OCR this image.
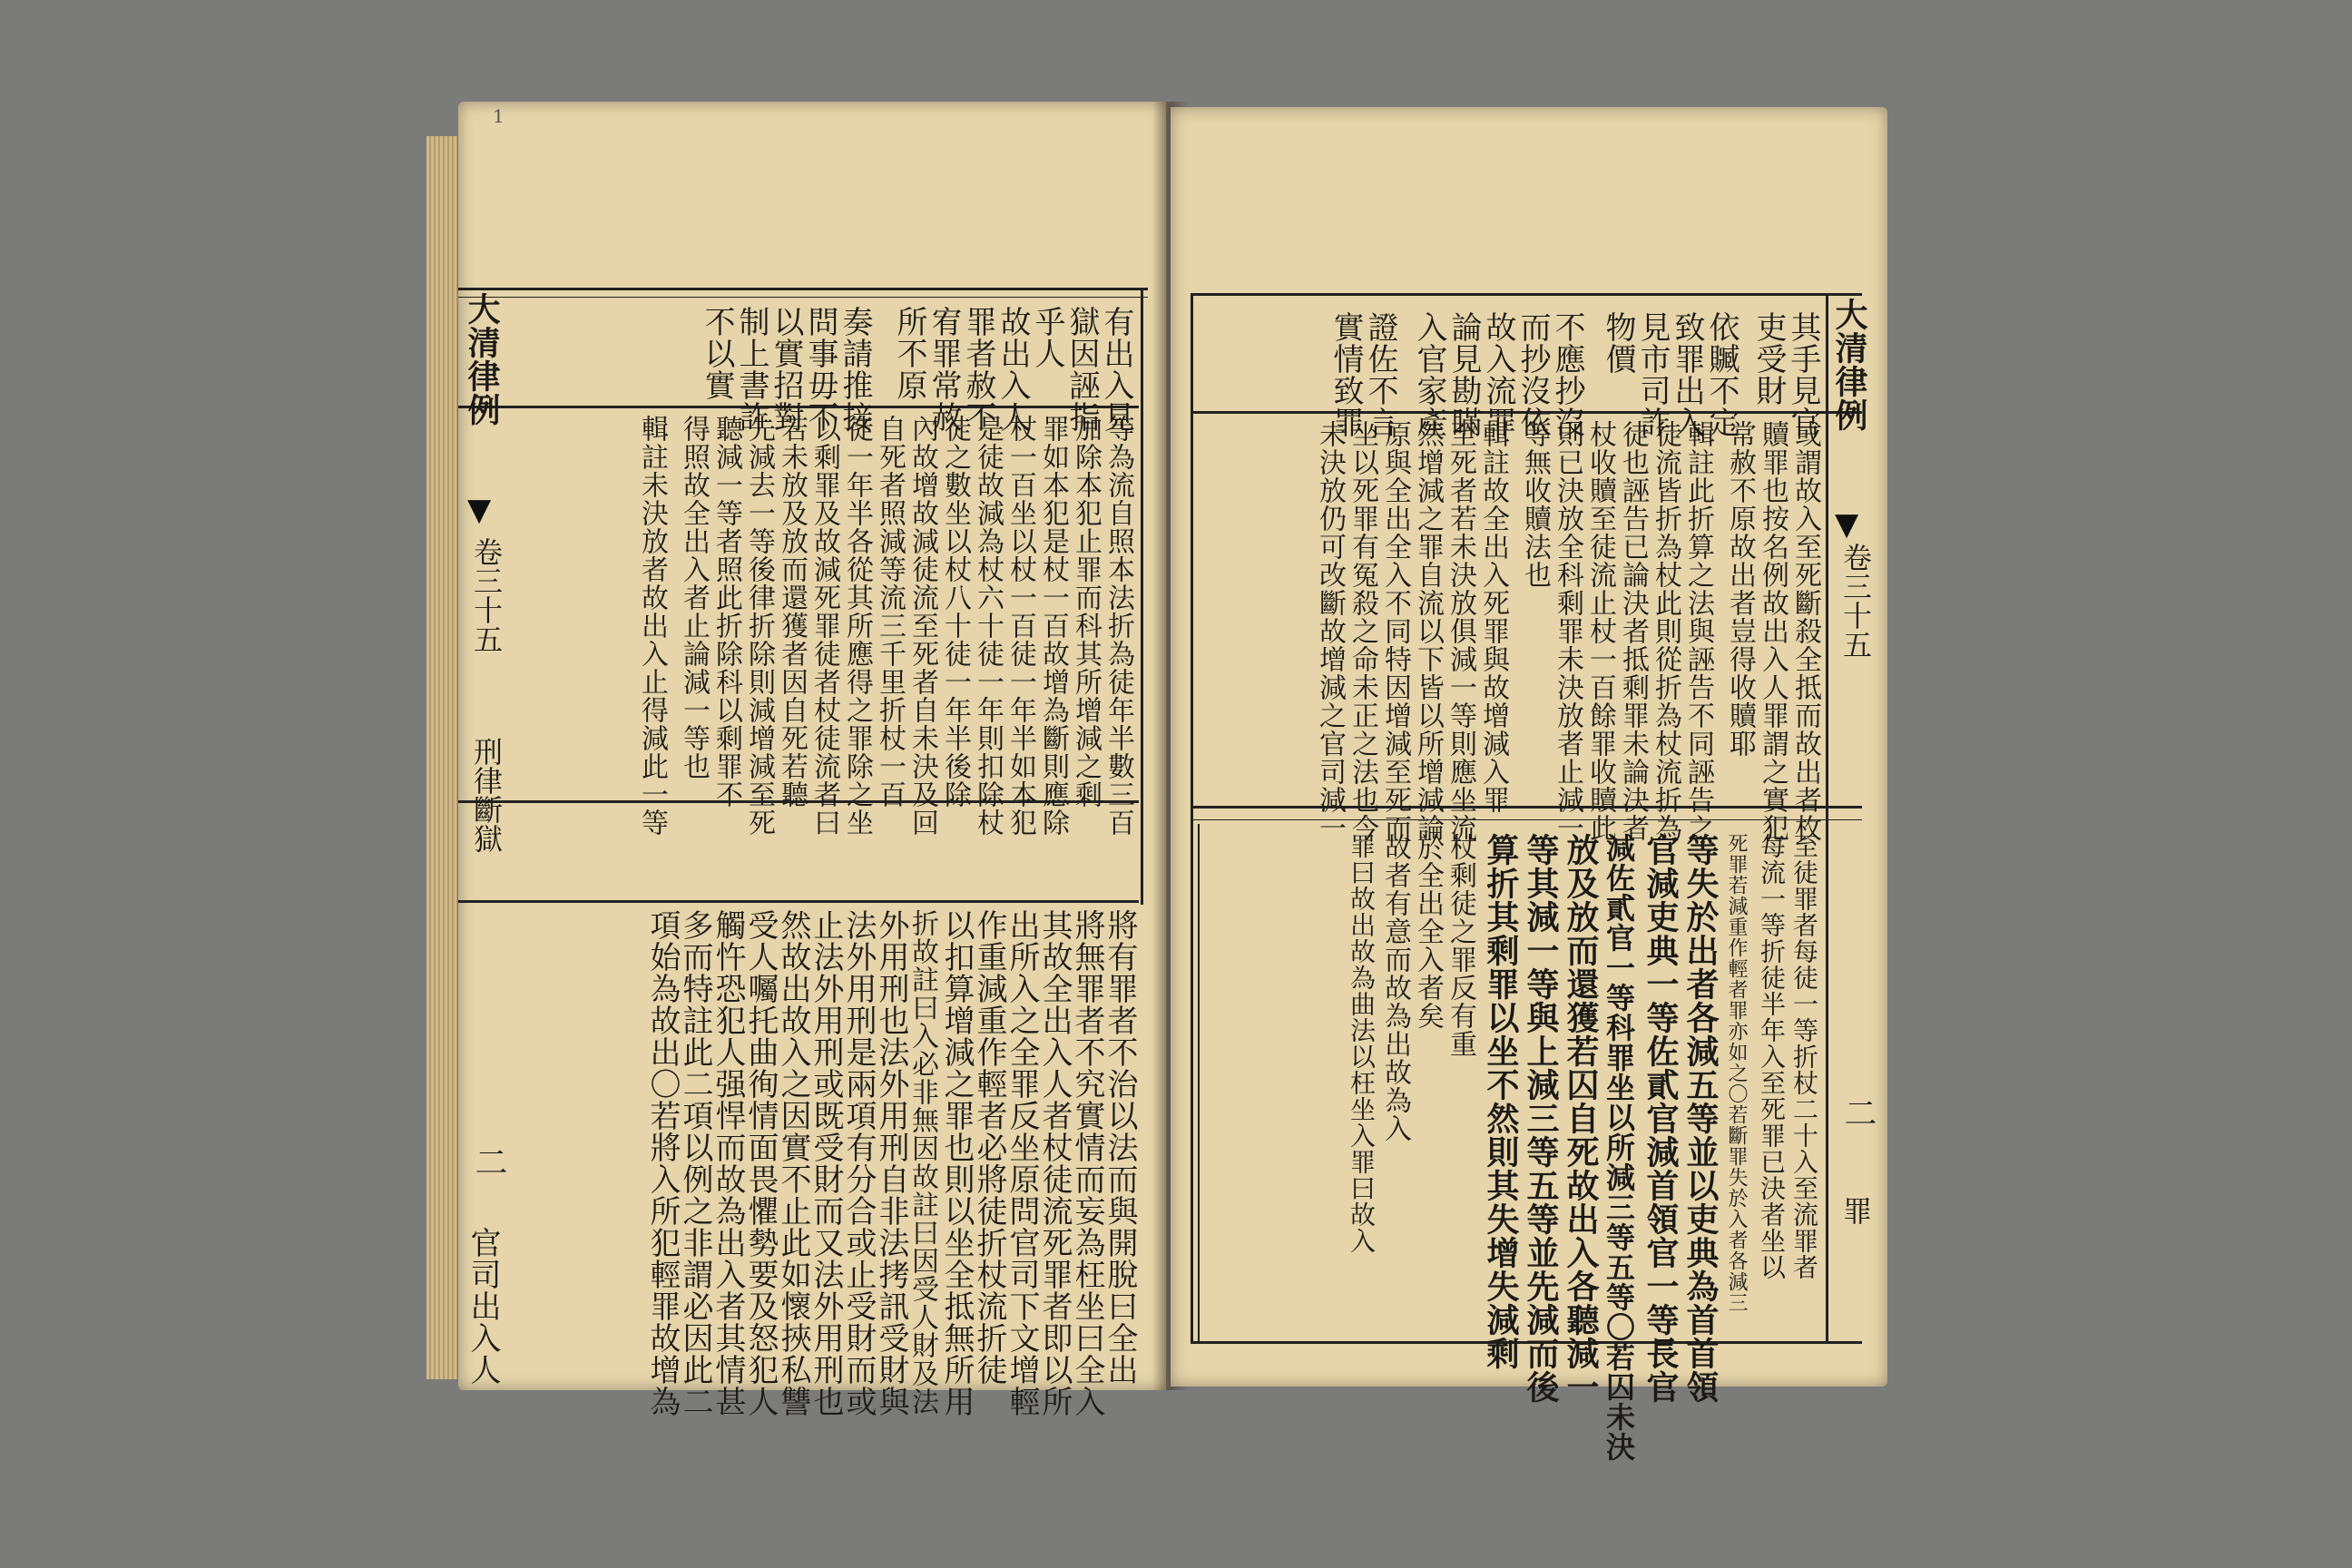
1
大清律例
▼
卷三十五
刑律斷獄
二
有出入見
獄因誣指
乎人
故出入人
罪者赦不
宥罪常赦
所不原
奏請推接
問事毋不
以實招對
制上書詐
不以實
等為流自照本法折為徒年半數三百
加除本犯止罪而科其所增減之剩
罪如本犯是杖一百故增為斷則應除
杖一百坐以杖一百徒一年半如本犯
是徒故減為杖六十徒一年則扣除杖
徒之數坐以杖八十徒一年半後除
內故增故減徒流至死者自未決及回
自死者照減等流三千里折杖一百
徒一年半各從其所應得之罪除之坐
以剩罪及故減死罪徒者杖徒流者曰
若未放及放而還獲者因自死若聽
先減去一等後律折除則減增減至死
聽減一等者照此折除科以剩罪不
得照故全出入者止論減一等也
輯註未決放者故出入止得減此一等
將有罪者不治以法而與開脫曰全出
將無罪者不究實情而妄為枉坐曰全入
其故全出入人者杖徒流死罪者即以所
出所入之全罪反坐原問官司下文增輕
作重減重作輕者必將徒折杖流折徒
以扣算增減之罪也則以坐全抵無所用
折故註曰入必非無因故註曰因受人財及法
外用刑也法外用刑自非法拷訊受財與
法外用刑是兩項有分合或止受財而或
止法外用刑或既受財而又法外用刑也
然故出故入之因實不止此如懷挾私讐
受人囑托曲徇情面畏懼勢要及怒犯人
觸忤恐犯人强悍而故為出入者其情甚
多而特註此二項以例之非謂必因此二
項始為故出〇若將入所犯輕罪故增為
官司出入人
大清律例
▼
卷三十五
二
罪
其手見官
吏受財
依贓不定
致罪出入
見市司詐
物價
不應抄沒
而抄沒依
故入流罪
論見勘瞞
入官家產
證佐不言
實情致罪
或謂故入至死斷殺全抵而故出者枚
贖罪也按名例故出入人罪謂之實犯
常赦不原故出者豈得收贖耶
輯註此折算之法與誣告不同誣告之
徒流皆折為杖此則從折為杖流折為
徒也誣告已論決者抵剩罪未論決者
杖收贖至徒流止杖一百餘罪收贖此
則已決放全科剩罪未決放者止減一
等無收贖法也
輯註故全出入死罪與故增減入罪
至死者若未決放俱減一等則應坐流
然增減之罪自流以下皆以所增減論
原與全出全入不同特因增減至死而
坐以死罪有冤殺之命未正之法也今
未決放仍可改斷故增減之官司減一
至徒罪者每徒一等折杖二十入至流罪者
每流一等折徒半年入至死罪已決者坐以
死罪若減重作輕者罪亦如之〇若斷罪失於入者各減三
等失於出者各減五等並以吏典為首首領
官減吏典一等佐貳官減首領官一等長官
減佐貳官一等科罪坐以所減三等五等〇若囚未決
放及放而還獲若囚自死故出入各聽減一
等其減一等與上減三等五等並先減而後
算折其剩罪以坐不然則其失增失減剩
杖剩徒之罪反有重
於全出全入者矣
故者有意而故為出故為入
罪曰故出故為曲法以枉坐入罪曰故入
